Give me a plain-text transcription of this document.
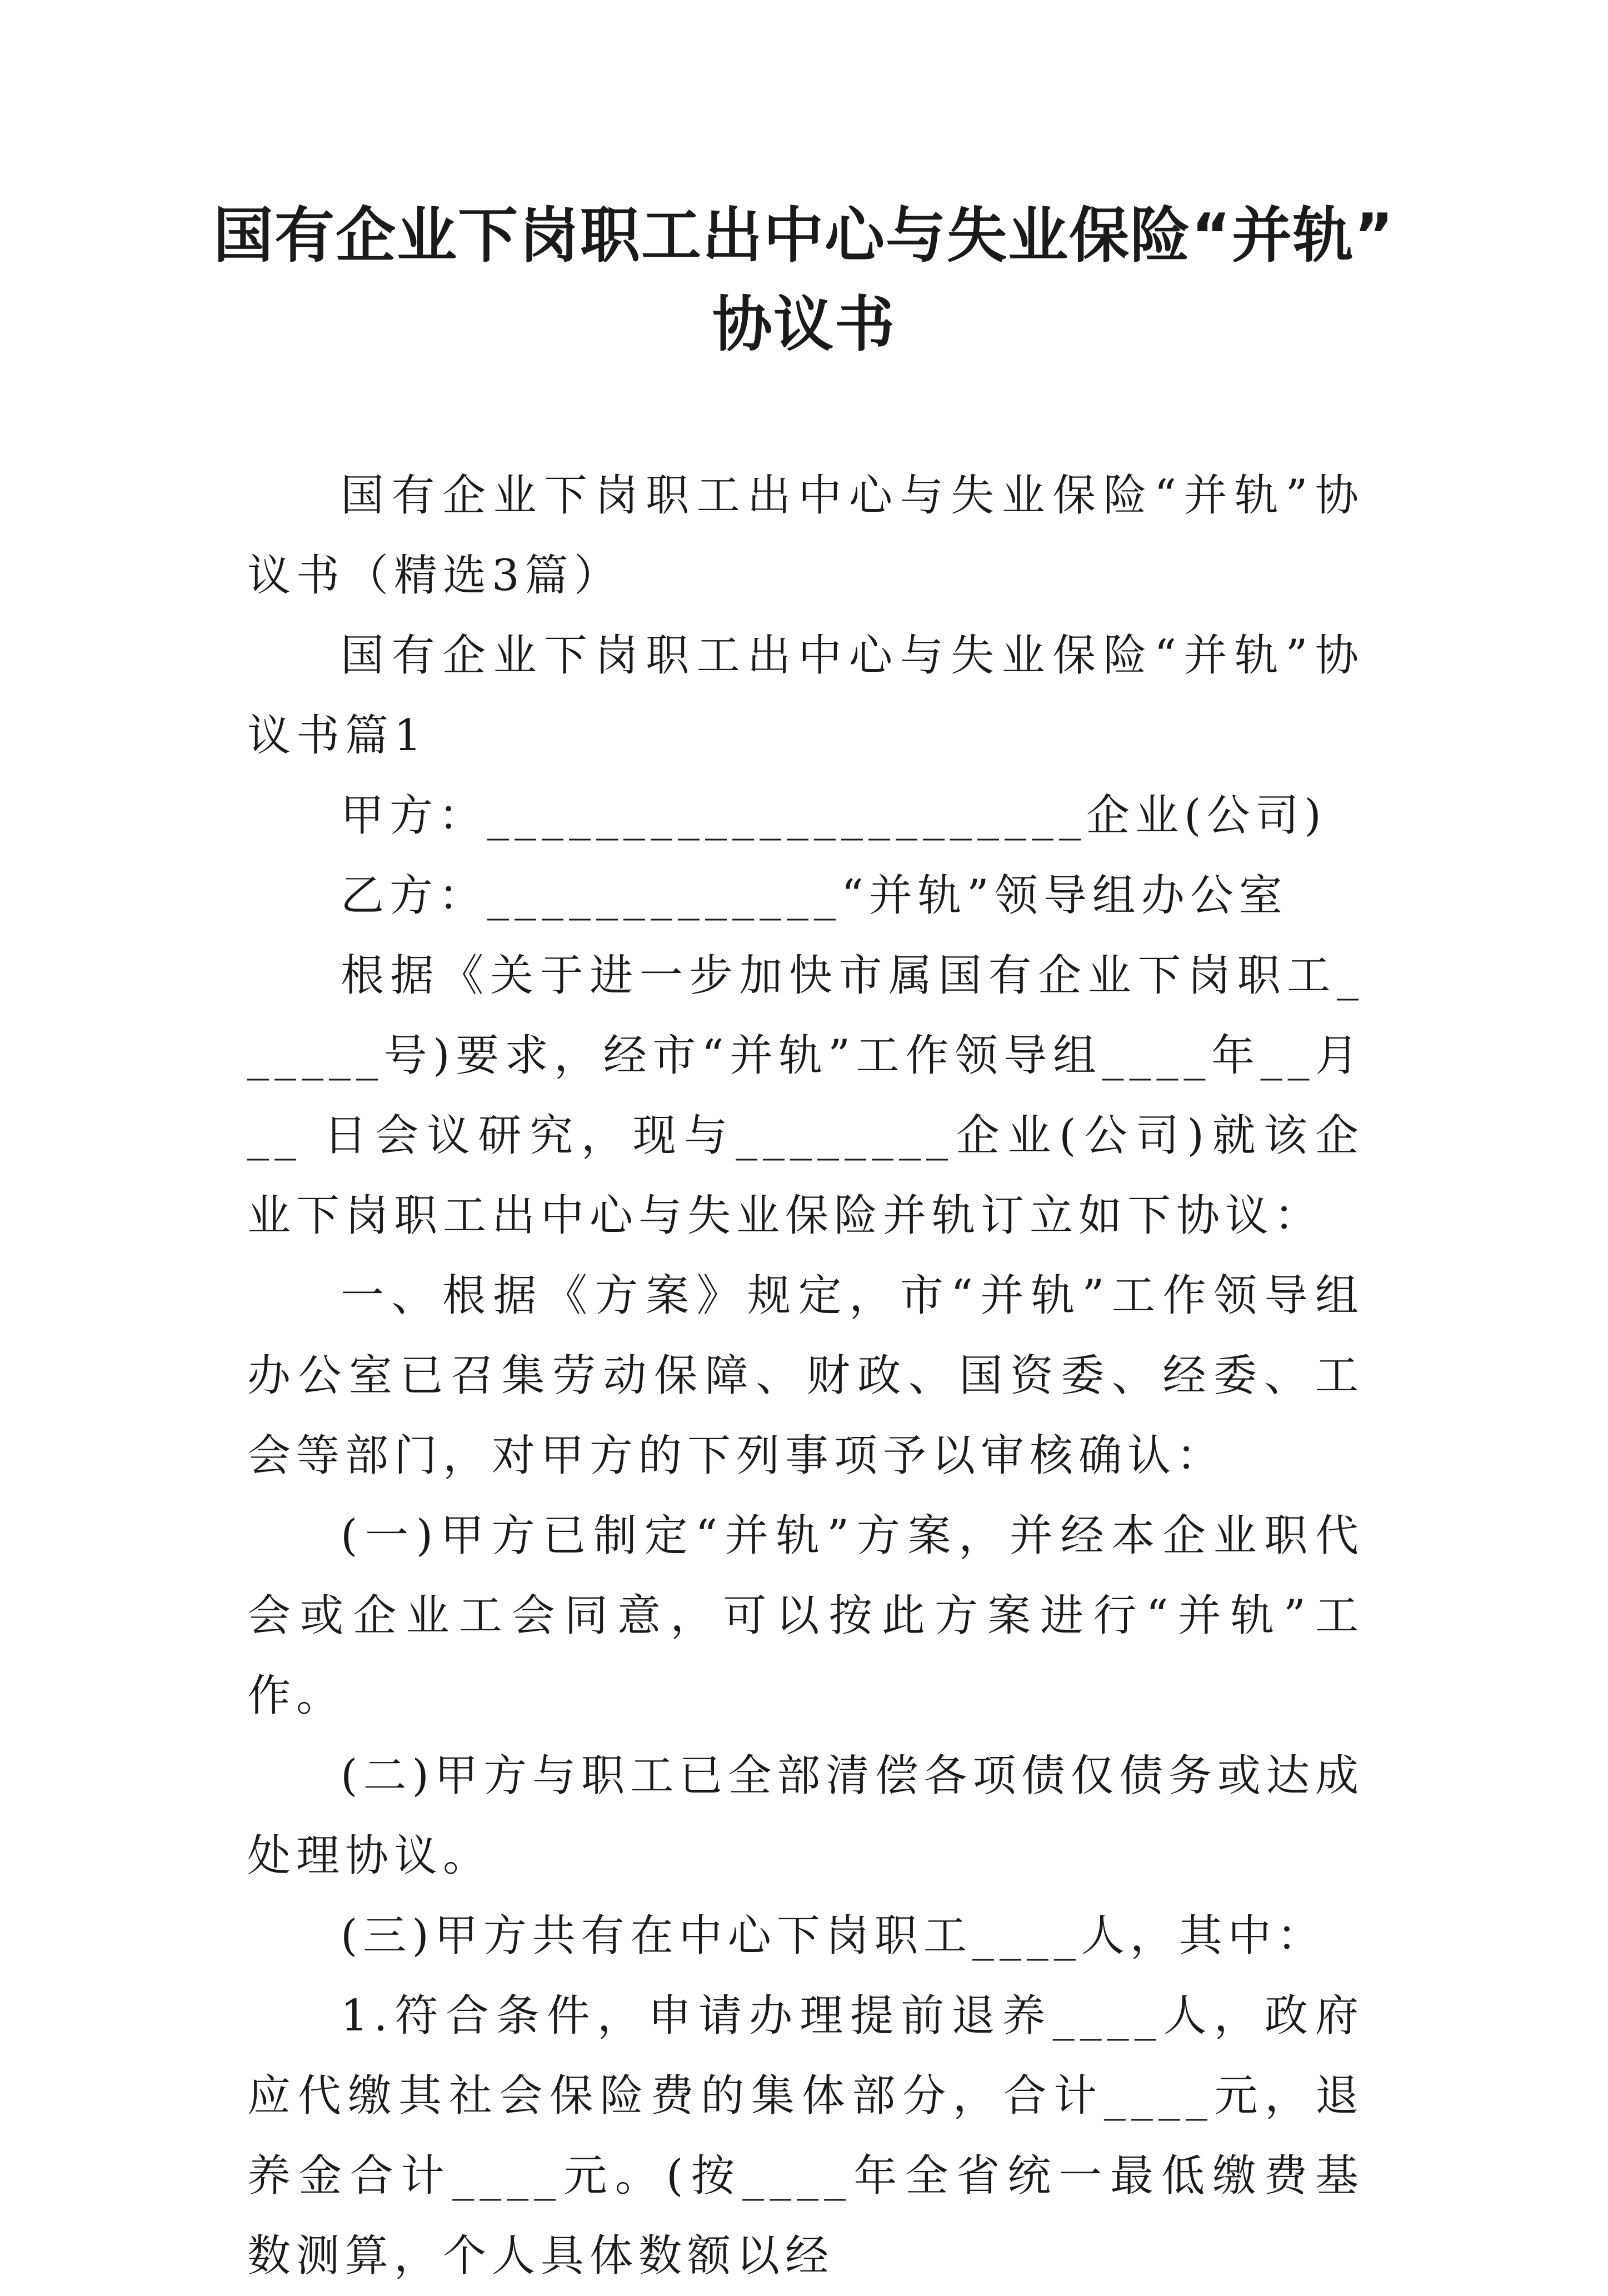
国有企业下岗职工出中心与失业保险“并轨”
协议书

国有企业下岗职工出中心与失业保险“并轨”协议书（精选3篇）

国有企业下岗职工出中心与失业保险“并轨”协议书篇1

甲方：______________________企业(公司)

乙方：_____________“并轨”领导组办公室

根据《关于进一步加快市属国有企业下岗职工______号)要求，经市“并轨”工作领导组____年__月__ 日会议研究，现与________企业(公司)就该企业下岗职工出中心与失业保险并轨订立如下协议：

一、根据《方案》规定，市“并轨”工作领导组办公室已召集劳动保障、财政、国资委、经委、工会等部门，对甲方的下列事项予以审核确认：

(一)甲方已制定“并轨”方案，并经本企业职代会或企业工会同意，可以按此方案进行“并轨”工作。

(二)甲方与职工已全部清偿各项债仅债务或达成处理协议。

(三)甲方共有在中心下岗职工____人，其中：

1.符合条件，申请办理提前退养____人，政府应代缴其社会保险费的集体部分，合计____元，退养金合计____元。(按____年全省统一最低缴费基数测算，个人具体数额以经
